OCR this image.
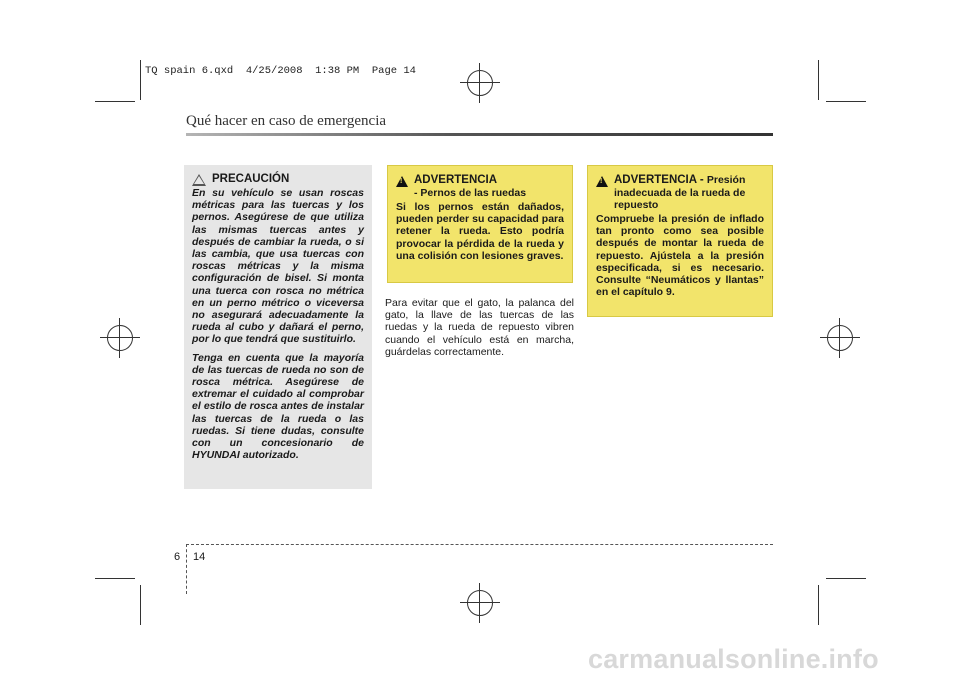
TQ spain 6.qxd  4/25/2008  1:38 PM  Page 14
Qué hacer en caso de emergencia
PRECAUCIÓN

En su vehículo se usan roscas métricas para las tuercas y los pernos. Asegúrese de que utiliza las mismas tuercas antes y después de cambiar la rueda, o si las cambia, que usa tuercas con roscas métricas y la misma configuración de bisel. Si monta una tuerca con rosca no métrica en un perno métrico o viceversa no asegurará adecuadamente la rueda al cubo y dañará el perno, por lo que tendrá que sustituirlo.

Tenga en cuenta que la mayoría de las tuercas de rueda no son de rosca métrica. Asegúrese de extremar el cuidado al comprobar el estilo de rosca antes de instalar las tuercas de la rueda o las ruedas. Si tiene dudas, consulte con un concesionario de HYUNDAI autorizado.

!
ADVERTENCIA
- Pernos de las ruedas
Si los pernos están dañados, pueden perder su capacidad para retener la rueda. Esto podría provocar la pérdida de la rueda y una colisión con lesiones graves.
Para evitar que el gato, la palanca del gato, la llave de las tuercas de las ruedas y la rueda de repuesto vibren cuando el vehículo está en marcha, guárdelas correctamente.
!
ADVERTENCIA - Presión
inadecuada de la rueda de repuesto
Compruebe la presión de inflado tan pronto como sea posible después de montar la rueda de repuesto. Ajústela a la presión especificada, si es necesario. Consulte “Neumáticos y llantas” en el capítulo 9.
6 14
carmanualsonline.info
